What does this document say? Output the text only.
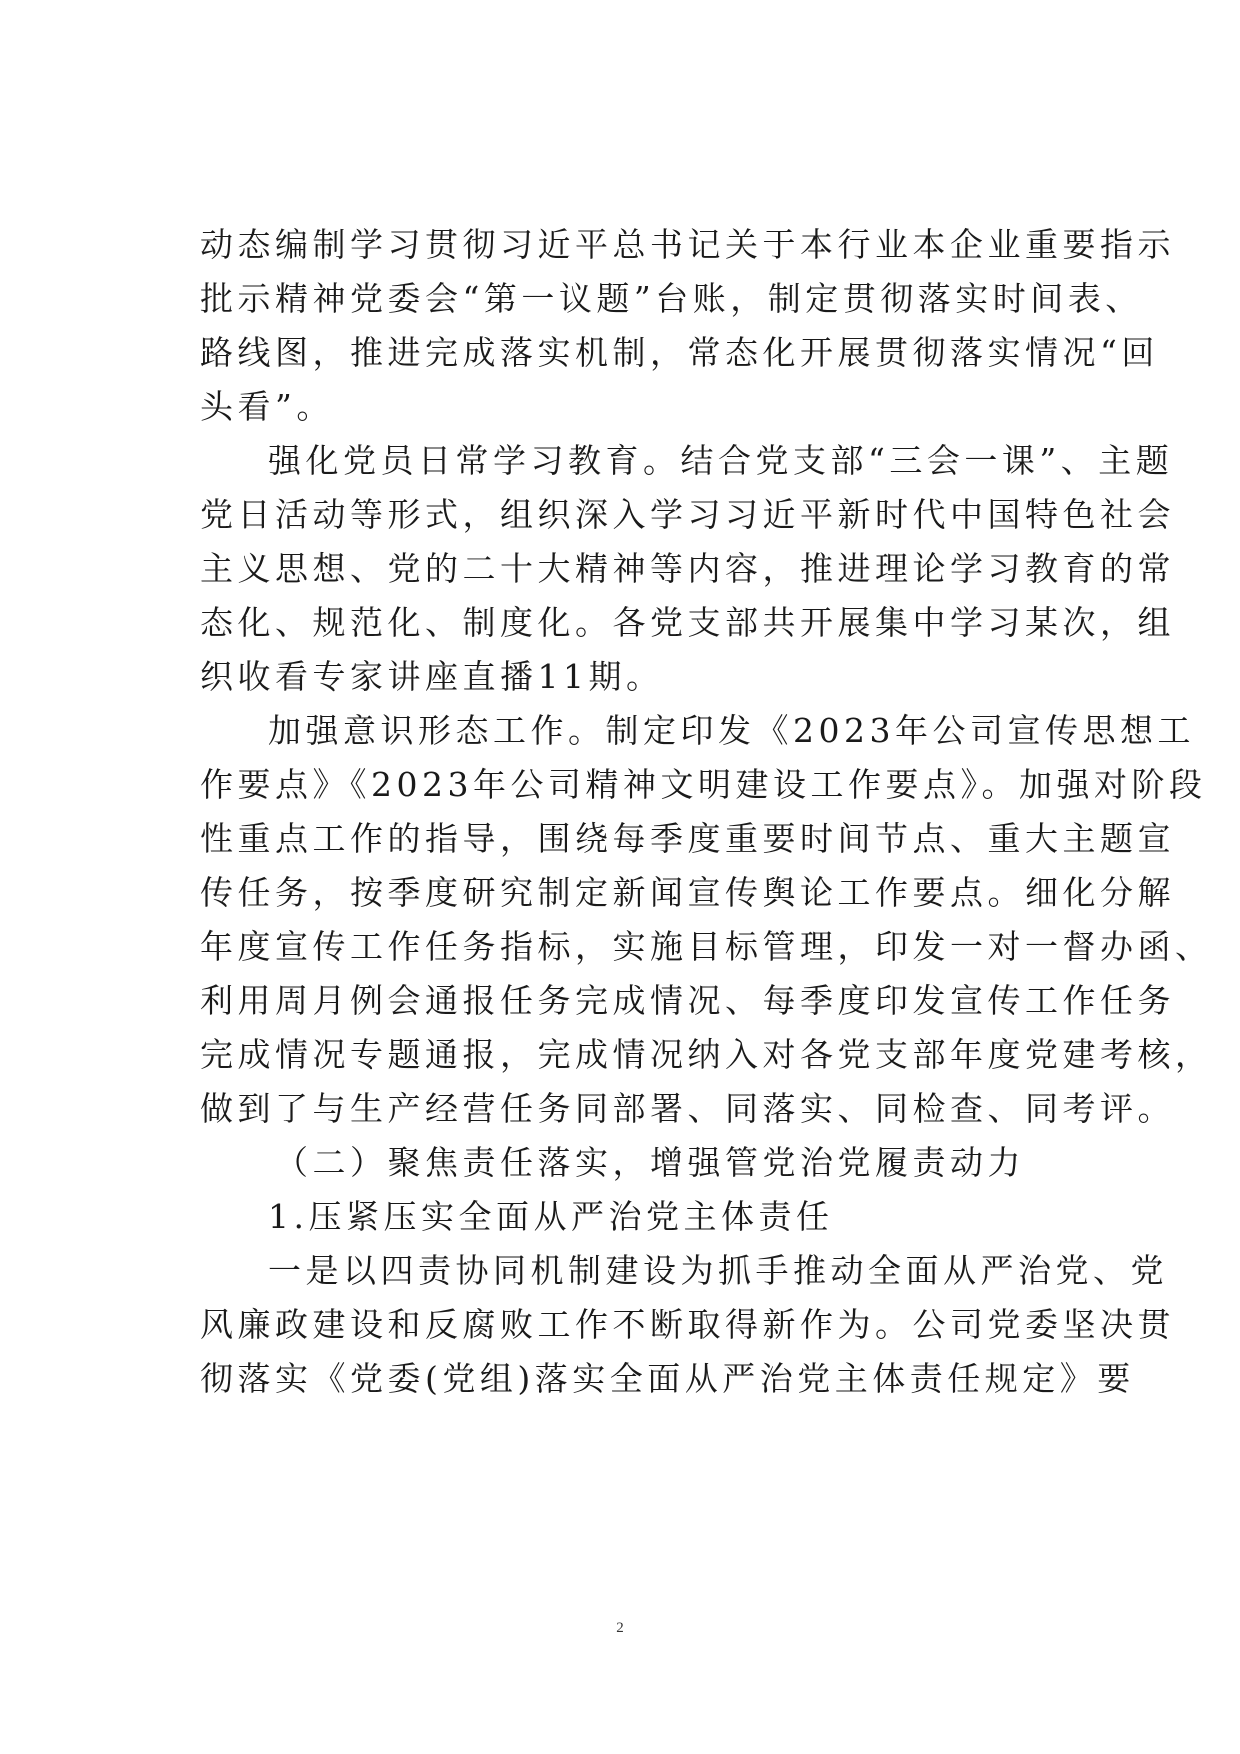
动态编制学习贯彻习近平总书记关于本行业本企业重要指示
批示精神党委会“第一议题”台账，制定贯彻落实时间表、
路线图，推进完成落实机制，常态化开展贯彻落实情况“回
头看”。
强化党员日常学习教育。结合党支部“三会一课”、主题
党日活动等形式，组织深入学习习近平新时代中国特色社会
主义思想、党的二十大精神等内容，推进理论学习教育的常
态化、规范化、制度化。各党支部共开展集中学习某次，组
织收看专家讲座直播11期。
加强意识形态工作。制定印发《2023年公司宣传思想工
作要点》《2023年公司精神文明建设工作要点》。加强对阶段
性重点工作的指导，围绕每季度重要时间节点、重大主题宣
传任务，按季度研究制定新闻宣传舆论工作要点。细化分解
年度宣传工作任务指标，实施目标管理，印发一对一督办函、
利用周月例会通报任务完成情况、每季度印发宣传工作任务
完成情况专题通报，完成情况纳入对各党支部年度党建考核，
做到了与生产经营任务同部署、同落实、同检查、同考评。
（二）聚焦责任落实，增强管党治党履责动力
1.压紧压实全面从严治党主体责任
一是以四责协同机制建设为抓手推动全面从严治党、党
风廉政建设和反腐败工作不断取得新作为。公司党委坚决贯
彻落实《党委(党组)落实全面从严治党主体责任规定》要
2
